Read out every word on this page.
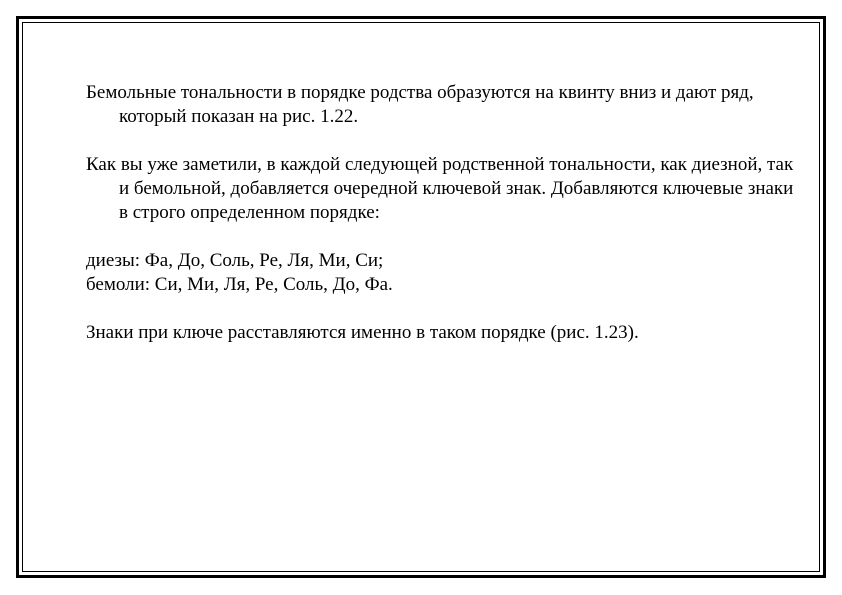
Бемольные тональности в порядке родства образуются на квинту вниз и дают ряд, который показан на рис. 1.22.

Как вы уже заметили, в каждой следующей родственной тональности, как диезной, так и бемольной, добавляется очередной ключевой знак. Добавляются ключевые знаки в строго определенном порядке:

диезы: Фа, До, Соль, Ре, Ля, Ми, Си;
бемоли: Си, Ми, Ля, Ре, Соль, До, Фа.

Знаки при ключе расставляются именно в таком порядке (рис. 1.23).
